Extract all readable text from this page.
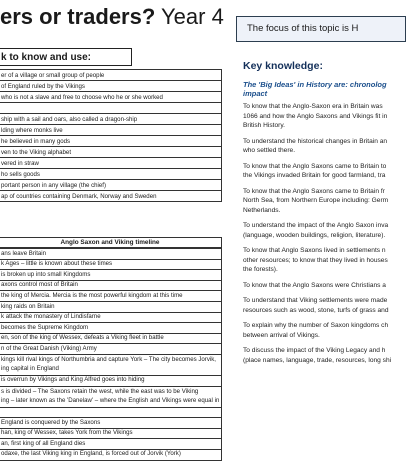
ers or traders? Year 4	The focus of this topic is H
k to know and use:
er of a village or small group of people
of England ruled by the Vikings
who is not a slave and free to choose who he or she worked

ship with a sail and oars, also called a dragon-ship
lding where monks live
he believed in many gods
ven to the Viking alphabet
vered in straw
ho sells goods
portant person in any village (the chief)
ap of countries containing Denmark, Norway and Sweden
Anglo Saxon and Viking timeline
ans leave Britain
k Ages – little is known about these times
is broken up into small Kingdoms
axons control most of Britain
the king of Mercia. Mercia is the most powerful kingdom at this time
king raids on Britain
k attack the monastery of Lindisfarne
becomes the Supreme Kingdom
en, son of the king of Wessex, defeats a Viking fleet in battle
n of the Great Danish (Viking) Army

kings kill rival kings of Northumbria and capture York – The city becomes Jorvik,
ing capital in England

is overrun by Vikings and King Alfred goes into hiding

s is divided – The Saxons retain the west, while the east was to be Viking
ing – later known as the 'Danelaw' – where the English and Vikings were equal in

England is conquered by the Saxons
han, king of Wessex, takes York from the Vikings
an, first king of all England dies
odaxe, the last Viking king in England, is forced out of Jorvik (York)
Key knowledge:
The 'Big Ideas' in History are: chronolog
impact
To know that the Anglo-Saxon era in Britain was
1066 and how the Anglo Saxons and Vikings fit in
British History.
To understand the historical changes in Britain an
who settled there.
To know that the Anglo Saxons came to Britain to
the Vikings invaded Britain for good farmland, tra
To know that the Anglo Saxons came to Britain fr
North Sea, from Northern Europe including: Germ
Netherlands.
To understand the impact of the Anglo Saxon inva
(language, wooden buildings, religion, literature).
To know that Anglo Saxons lived in settlements n
other resources; to know that they lived in houses
the forests).
To know that the Anglo Saxons were Christians a
To understand that Viking settlements were made
resources such as wood, stone, turfs of grass and
To explain why the number of Saxon kingdoms ch
between arrival of Vikings.
To discuss the impact of the Viking Legacy and h
(place names, language, trade, resources, long shi
